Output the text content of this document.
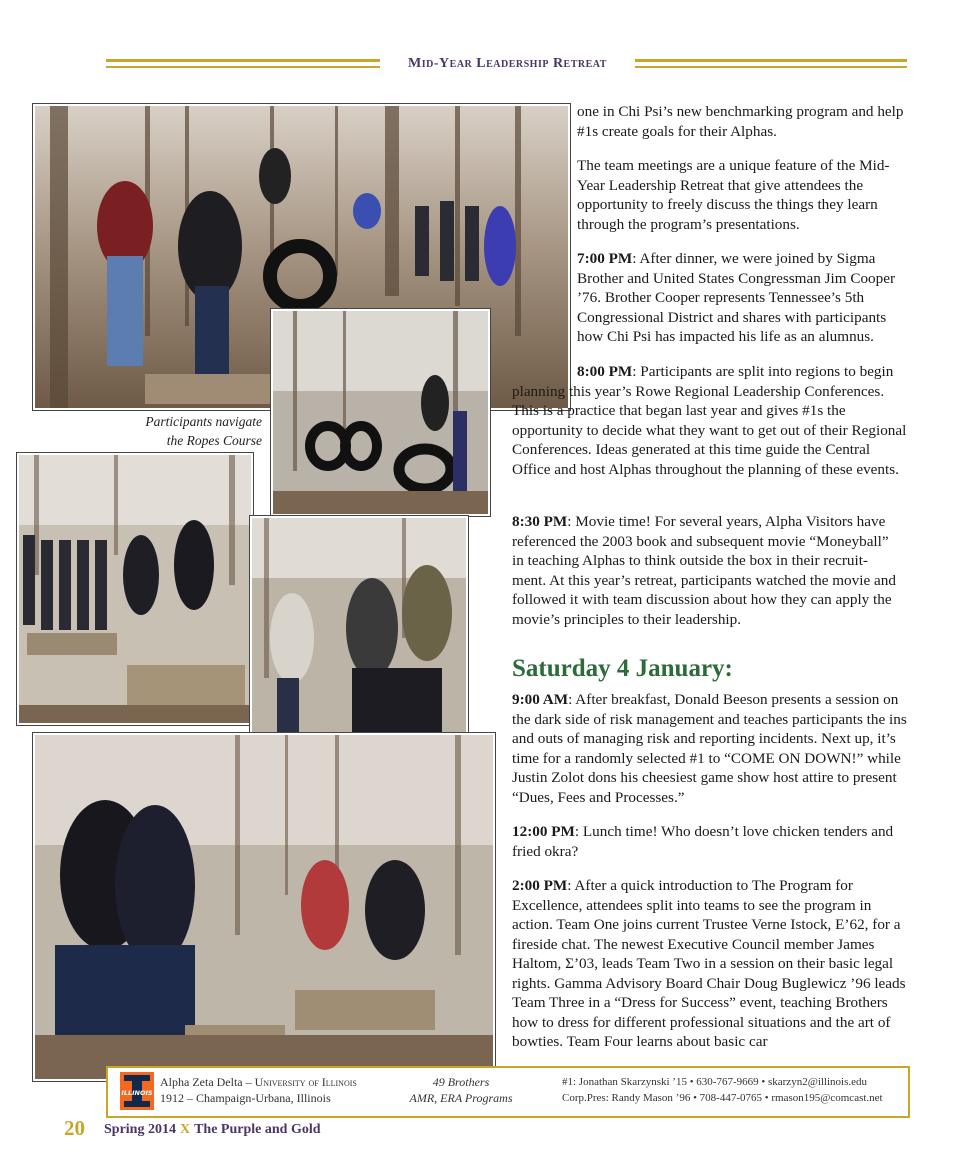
Mid-Year Leadership Retreat
Participants navigate
the Ropes Course

one in Chi Psi’s new benchmarking program and help #1s create goals for their Alphas.

The team meetings are a unique feature of the Mid-Year Leadership Retreat that give attendees the opportunity to freely discuss the things they learn through the program’s presentations.

7:00 PM: After dinner, we were joined by Sigma Brother and United States Congressman Jim Cooper ’76. Brother Cooper represents Tennessee’s 5th Congressional District and shares with participants how Chi Psi has impacted his life as an alumnus.

8:00 PM: Participants are split into regions to begin planning this year’s Rowe Regional Leadership Conferences. This is a practice that began last year and gives #1s the opportunity to decide what they want to get out of their Regional Conferences. Ideas generated at this time guide the Central Office and host Alphas throughout the planning of these events.

8:30 PM: Movie time! For several years, Alpha Visitors have referenced the 2003 book and subsequent movie “Moneyball” in teaching Alphas to think outside the box in their recruit-ment. At this year’s retreat, participants watched the movie and followed it with team discussion about how they can apply the movie’s principles to their leadership.

Saturday 4 January:

9:00 AM: After breakfast, Donald Beeson presents a session on the dark side of risk management and teaches participants the ins and outs of managing risk and reporting incidents. Next up, it’s time for a randomly selected #1 to “COME ON DOWN!” while Justin Zolot dons his cheesiest game show host attire to present “Dues, Fees and Processes.”

12:00 PM: Lunch time! Who doesn’t love chicken tenders and fried okra?

2:00 PM: After a quick introduction to The Program for Excellence, attendees split into teams to see the program in action. Team One joins current Trustee Verne Istock, E’62, for a fireside chat. The newest Executive Council member James Haltom, Σ’03, leads Team Two in a session on their basic legal rights. Gamma Advisory Board Chair Doug Buglewicz ’96 leads Team Three in a “Dress for Success” event, teaching Brothers how to dress for different professional situations and the art of bowties. Team Four learns about basic car

ILLINOIS
Alpha Zeta Delta – University of Illinois
1912 – Champaign-Urbana, Illinois
49 Brothers
AMR, ERA Programs
#1: Jonathan Skarzynski ’15 • 630-767-9669 • skarzyn2@illinois.edu
Corp.Pres: Randy Mason ’96 • 708-447-0765 • rmason195@comcast.net
20 Spring 2014 X The Purple and Gold
